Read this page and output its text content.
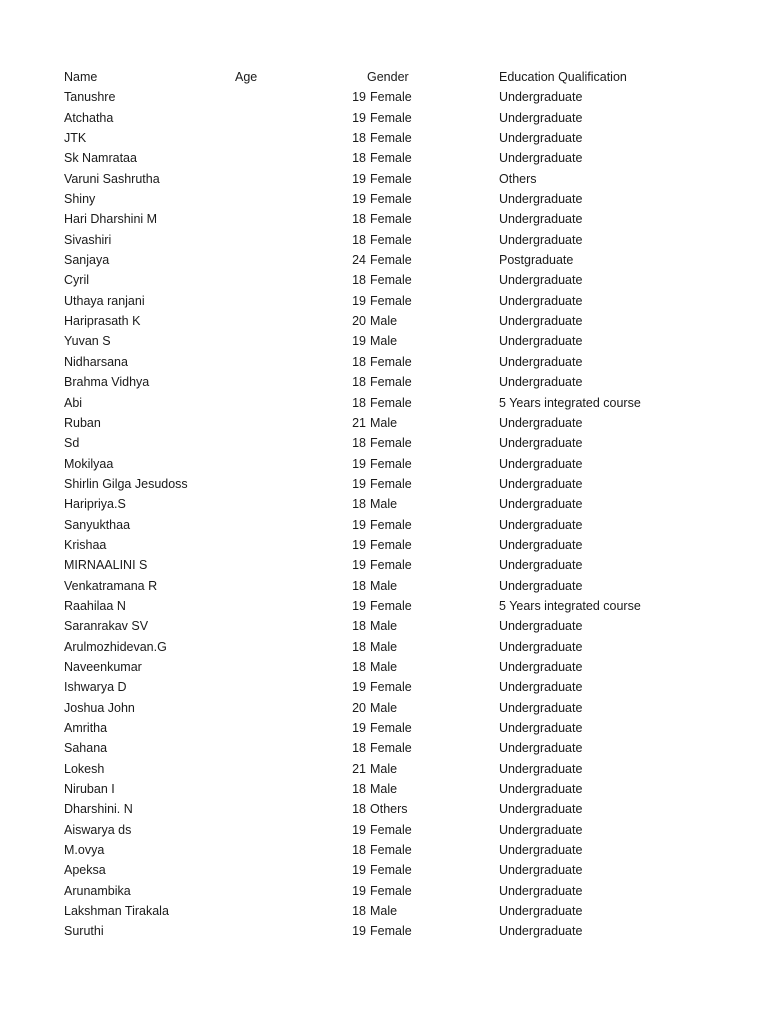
Name	Age	Gender	Education Qualification
Tanushre	19 Female	Undergraduate
Atchatha	19 Female	Undergraduate
JTK	18 Female	Undergraduate
Sk Namrataa	18 Female	Undergraduate
Varuni Sashrutha	19 Female	Others
Shiny	19 Female	Undergraduate
Hari Dharshini M	18 Female	Undergraduate
Sivashiri	18 Female	Undergraduate
Sanjaya	24 Female	Postgraduate
Cyril	18 Female	Undergraduate
Uthaya ranjani	19 Female	Undergraduate
Hariprasath K	20 Male	Undergraduate
Yuvan S	19 Male	Undergraduate
Nidharsana	18 Female	Undergraduate
Brahma Vidhya	18 Female	Undergraduate
Abi	18 Female	5 Years integrated course
Ruban	21 Male	Undergraduate
Sd	18 Female	Undergraduate
Mokilyaa	19 Female	Undergraduate
Shirlin Gilga Jesudoss	19 Female	Undergraduate
Haripriya.S	18 Male	Undergraduate
Sanyukthaa	19 Female	Undergraduate
Krishaa	19 Female	Undergraduate
MIRNAALINI S	19 Female	Undergraduate
Venkatramana R	18 Male	Undergraduate
Raahilaa N	19 Female	5 Years integrated course
Saranrakav SV	18 Male	Undergraduate
Arulmozhidevan.G	18 Male	Undergraduate
Naveenkumar	18 Male	Undergraduate
Ishwarya D	19 Female	Undergraduate
Joshua John	20 Male	Undergraduate
Amritha	19 Female	Undergraduate
Sahana	18 Female	Undergraduate
Lokesh	21 Male	Undergraduate
Niruban I	18 Male	Undergraduate
Dharshini. N	18 Others	Undergraduate
Aiswarya ds	19 Female	Undergraduate
M.ovya	18 Female	Undergraduate
Apeksa	19 Female	Undergraduate
Arunambika	19 Female	Undergraduate
Lakshman Tirakala	18 Male	Undergraduate
Suruthi	19 Female	Undergraduate
